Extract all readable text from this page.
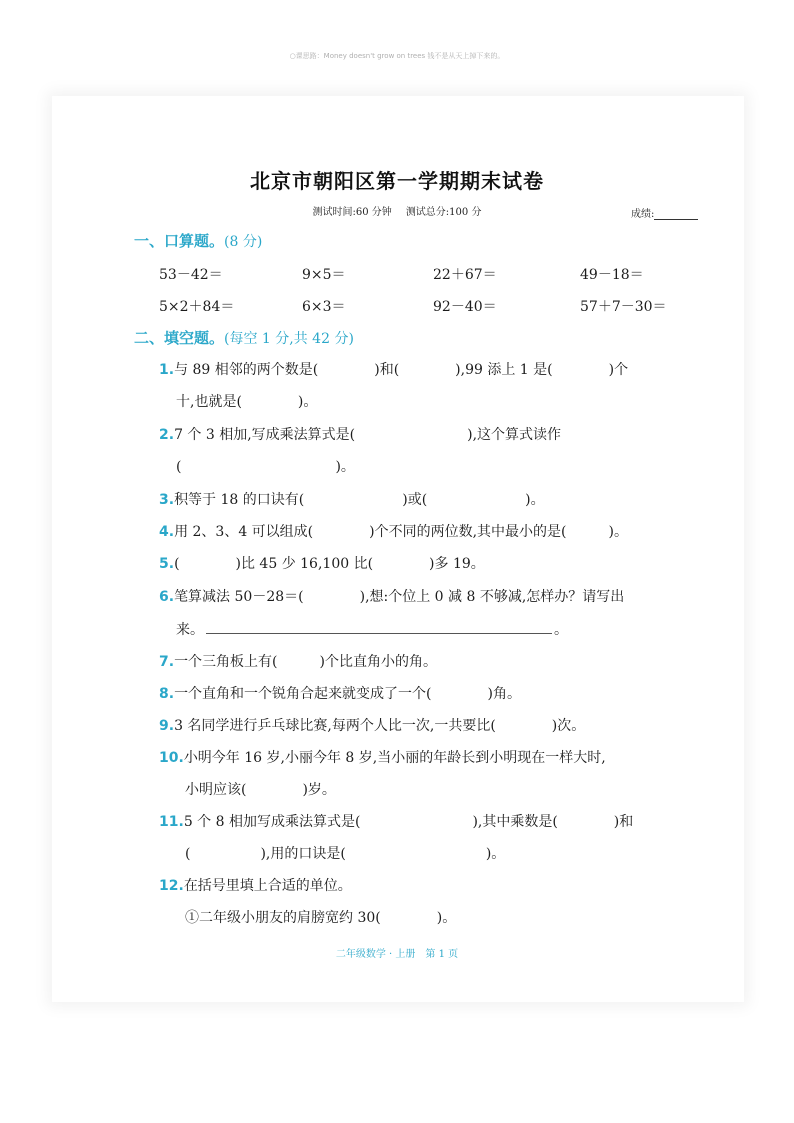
○课思路：Money doesn't grow on trees 钱不是从天上掉下来的。
北京市朝阳区第一学期期末试卷
测试时间:60 分钟 测试总分:100 分	成绩:
一、口算题。(8 分)
53－42＝	9×5＝	22＋67＝	49－18＝
5×2＋84＝	6×3＝	92－40＝	57＋7－30＝
二、填空题。(每空 1 分,共 42 分)
1.与 89 相邻的两个数是(　　　　)和(　　　　),99 添上 1 是(　　　　)个
十,也就是(　　　　)。
2.7 个 3 相加,写成乘法算式是(　　　　　　　　),这个算式读作
(　　　　　　　　　　　)。
3.积等于 18 的口诀有(　　　　　　　)或(　　　　　　　)。
4.用 2、3、4 可以组成(　　　　)个不同的两位数,其中最小的是(　　　)。
5.(　　　　)比 45 少 16,100 比(　　　　)多 19。
6.笔算减法 50－28＝(　　　　),想:个位上 0 减 8 不够减,怎样办？请写出
来。	。
7.一个三角板上有(　　　)个比直角小的角。
8.一个直角和一个锐角合起来就变成了一个(　　　　)角。
9.3 名同学进行乒乓球比赛,每两个人比一次,一共要比(　　　　)次。
10.小明今年 16 岁,小丽今年 8 岁,当小丽的年龄长到小明现在一样大时,
小明应该(　　　　)岁。
11.5 个 8 相加写成乘法算式是(　　　　　　　　),其中乘数是(　　　　)和
(　　　　　),用的口诀是(　　　　　　　　　　)。
12.在括号里填上合适的单位。
①二年级小朋友的肩膀宽约 30(　　　　)。
二年级数学 · 上册　第 1 页
